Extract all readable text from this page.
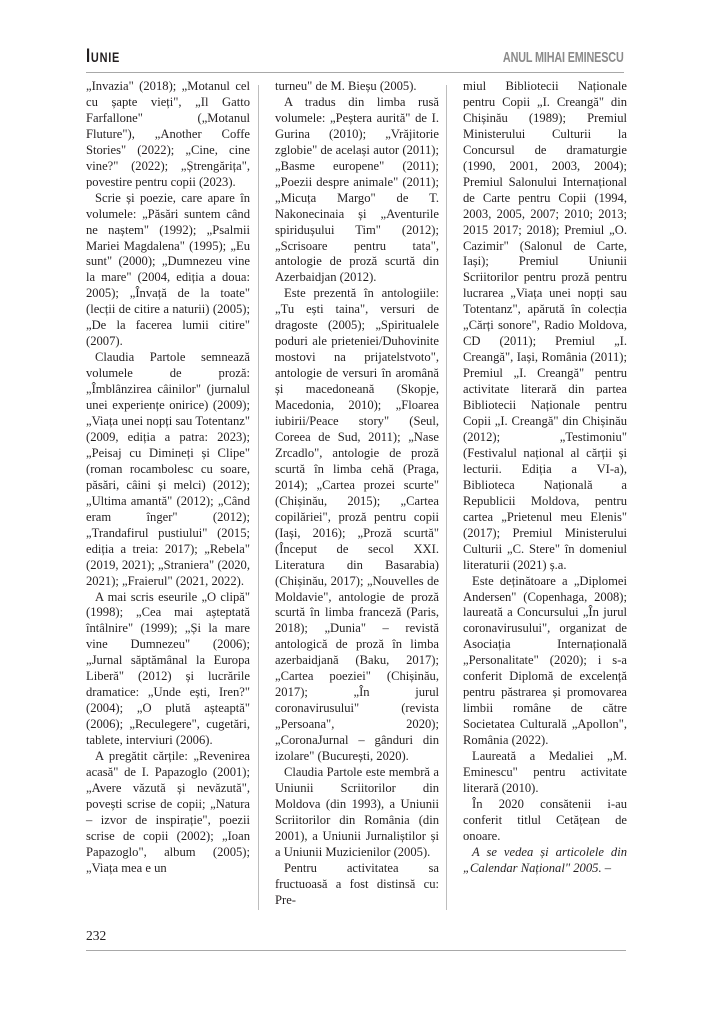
IUNIE	ANUL MIHAI EMINESCU

„Invazia" (2018); „Motanul cel cu șapte vieți", „Il Gatto Farfallone" („Motanul Fluture"), „Another Coffe Stories" (2022); „Cine, cine vine?" (2022); „Ștrengărița", povestire pentru copii (2023).

Scrie și poezie, care apare în volumele: „Păsări suntem când ne naștem" (1992); „Psalmii Mariei Magdalena" (1995); „Eu sunt" (2000); „Dumnezeu vine la mare" (2004, ediția a doua: 2005); „Învață de la toate" (lecții de citire a naturii) (2005); „De la facerea lumii citire" (2007).

Claudia Partole semnează volumele de proză: „Îmblânzirea câinilor" (jurnalul unei experiențe onirice) (2009); „Viața unei nopți sau Totentanz" (2009, ediția a patra: 2023); „Peisaj cu Dimineți și Clipe" (roman rocambolesc cu soare, păsări, câini și melci) (2012); „Ultima amantă" (2012); „Când eram înger" (2012); „Trandafirul pustiului" (2015; ediția a treia: 2017); „Rebela" (2019, 2021); „Straniera" (2020, 2021); „Fraierul" (2021, 2022).

A mai scris eseurile „O clipă" (1998); „Cea mai așteptată întâlnire" (1999); „Și la mare vine Dumnezeu" (2006); „Jurnal săptămânal la Europa Liberă" (2012) și lucrările dramatice: „Unde ești, Iren?" (2004); „O plută așteaptă" (2006); „Reculegere", cugetări, tablete, interviuri (2006).

A pregătit cărțile: „Revenirea acasă" de I. Papazoglo (2001); „Avere văzută și nevăzută", povești scrise de copii; „Natura – izvor de inspirație", poezii scrise de copii (2002); „Ioan Papazoglo", album (2005); „Viața mea e un

turneu" de M. Bieșu (2005).

A tradus din limba rusă volumele: „Peștera aurită" de I. Gurina (2010); „Vrăjitorie zglobie" de același autor (2011); „Basme europene" (2011); „Poezii despre animale" (2011); „Micuța Margo" de T. Nakonecinaia și „Aventurile spiridușului Tim" (2012); „Scrisoare pentru tata", antologie de proză scurtă din Azerbaidjan (2012).

Este prezentă în antologiile: „Tu ești taina", versuri de dragoste (2005); „Spiritualele poduri ale prieteniei/Duhovinite mostovi na prijatelstvoto", antologie de versuri în aromână și macedoneană (Skopje, Macedonia, 2010); „Floarea iubirii/Peace story" (Seul, Coreea de Sud, 2011); „Nase Zrcadlo", antologie de proză scurtă în limba cehă (Praga, 2014); „Cartea prozei scurte" (Chișinău, 2015); „Cartea copilăriei", proză pentru copii (Iași, 2016); „Proză scurtă" (Început de secol XXI. Literatura din Basarabia) (Chișinău, 2017); „Nouvelles de Moldavie", antologie de proză scurtă în limba franceză (Paris, 2018); „Dunia" – revistă antologică de proză în limba azerbaidjană (Baku, 2017); „Cartea poeziei" (Chișinău, 2017); „În jurul coronavirusului" (revista „Persoana", 2020); „CoronaJurnal – gânduri din izolare" (București, 2020).

Claudia Partole este membră a Uniunii Scriitorilor din Moldova (din 1993), a Uniunii Scriitorilor din România (din 2001), a Uniunii Jurnaliștilor și a Uniunii Muzicienilor (2005).

Pentru activitatea sa fructuoasă a fost distinsă cu: Pre-

miul Bibliotecii Naționale pentru Copii „I. Creangă" din Chișinău (1989); Premiul Ministerului Culturii la Concursul de dramaturgie (1990, 2001, 2003, 2004); Premiul Salonului Internațional de Carte pentru Copii (1994, 2003, 2005, 2007; 2010; 2013; 2015 2017; 2018); Premiul „O. Cazimir" (Salonul de Carte, Iași); Premiul Uniunii Scriitorilor pentru proză pentru lucrarea „Viața unei nopți sau Totentanz", apărută în colecția „Cărți sonore", Radio Moldova, CD (2011); Premiul „I. Creangă", Iași, România (2011); Premiul „I. Creangă" pentru activitate literară din partea Bibliotecii Naționale pentru Copii „I. Creangă" din Chișinău (2012); „Testimoniu" (Festivalul național al cărții și lecturii. Ediția a VI-a), Biblioteca Națională a Republicii Moldova, pentru cartea „Prietenul meu Elenis" (2017); Premiul Ministerului Culturii „C. Stere" în domeniul literaturii (2021) ș.a.

Este deținătoare a „Diplomei Andersen" (Copenhaga, 2008); laureată a Concursului „În jurul coronavirusului", organizat de Asociația Internațională „Personalitate" (2020); i s-a conferit Diplomă de excelență pentru păstrarea și promovarea limbii române de către Societatea Culturală „Apollon", România (2022).

Laureată a Medaliei „M. Eminescu" pentru activitate literară (2010).

În 2020 consătenii i-au conferit titlul Cetățean de onoare.

A se vedea și articolele din „Calendar Național" 2005. –

232
